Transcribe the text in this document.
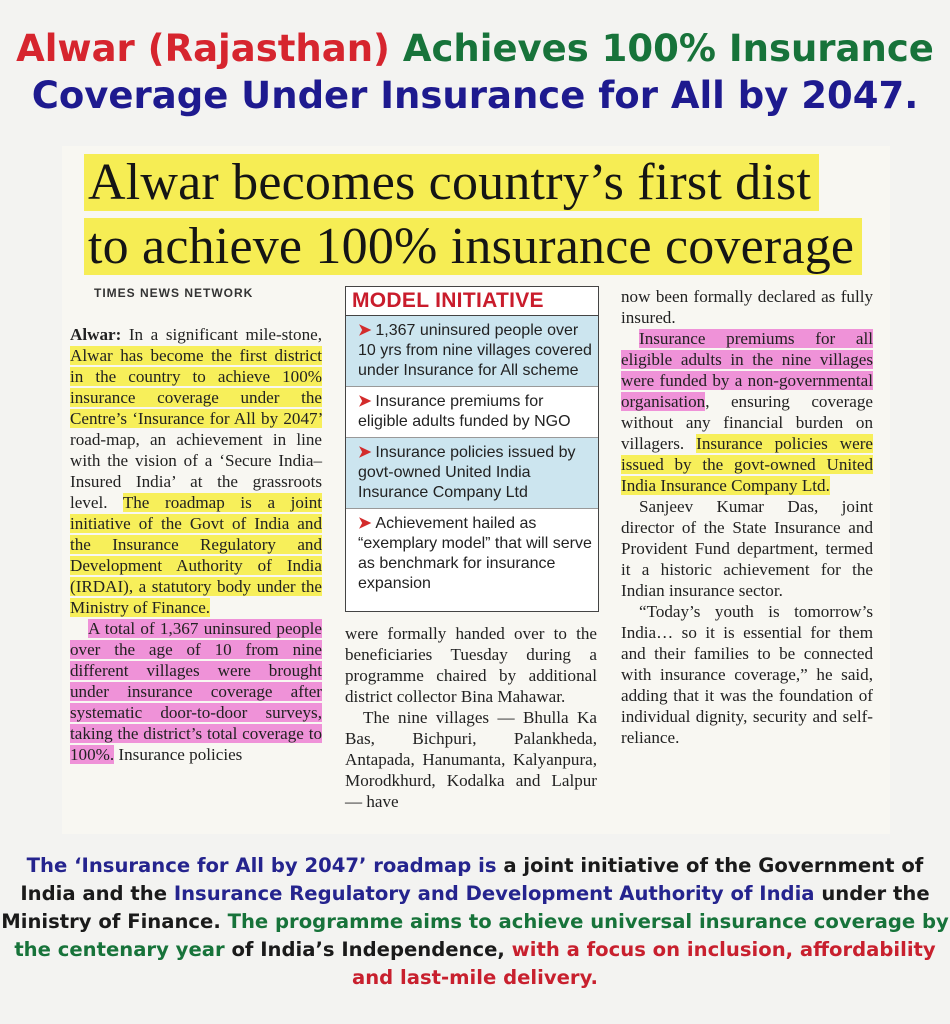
Alwar (Rajasthan) Achieves 100% Insurance
Coverage Under Insurance for All by 2047.
Alwar becomes country’s first dist
to achieve 100% insurance coverage
TIMES NEWS NETWORK

Alwar: In a significant mile-stone, Alwar has become the first district in the country to achieve 100% insurance coverage under the Centre’s ‘Insurance for All by 2047’ road-map, an achievement in line with the vision of a ‘Secure India–Insured India’ at the grassroots level. The roadmap is a joint initiative of the Govt of India and the Insurance Regulatory and Development Authority of India (IRDAI), a statutory body under the Ministry of Finance.

A total of 1,367 uninsured people over the age of 10 from nine different villages were brought under insurance coverage after systematic door-to-door surveys, taking the district’s total coverage to 100%. Insurance policies

MODEL INITIATIVE
➤ 1,367 uninsured people over 10 yrs from nine villages covered under Insurance for All scheme
➤ Insurance premiums for eligible adults funded by NGO
➤ Insurance policies issued by govt-owned United India Insurance Company Ltd
➤ Achievement hailed as “exemplary model” that will serve as benchmark for insurance expansion

were formally handed over to the beneficiaries Tuesday during a programme chaired by additional district collector Bina Mahawar.

The nine villages — Bhulla Ka Bas, Bichpuri, Palankheda, Antapada, Hanumanta, Kalyanpura, Morodkhurd, Kodalka and Lalpur — have

now been formally declared as fully insured.

Insurance premiums for all eligible adults in the nine villages were funded by a non-governmental organisation, ensuring coverage without any financial burden on villagers. Insurance policies were issued by the govt-owned United India Insurance Company Ltd.

Sanjeev Kumar Das, joint director of the State Insurance and Provident Fund department, termed it a historic achievement for the Indian insurance sector.

“Today’s youth is tomorrow’s India… so it is essential for them and their families to be connected with insurance coverage,” he said, adding that it was the foundation of individual dignity, security and self-reliance.

The ‘Insurance for All by 2047’ roadmap is a joint initiative of the Government of India and the Insurance Regulatory and Development Authority of India under the Ministry of Finance. The programme aims to achieve universal insurance coverage by the centenary year of India’s Independence, with a focus on inclusion, affordability and last-mile delivery.
